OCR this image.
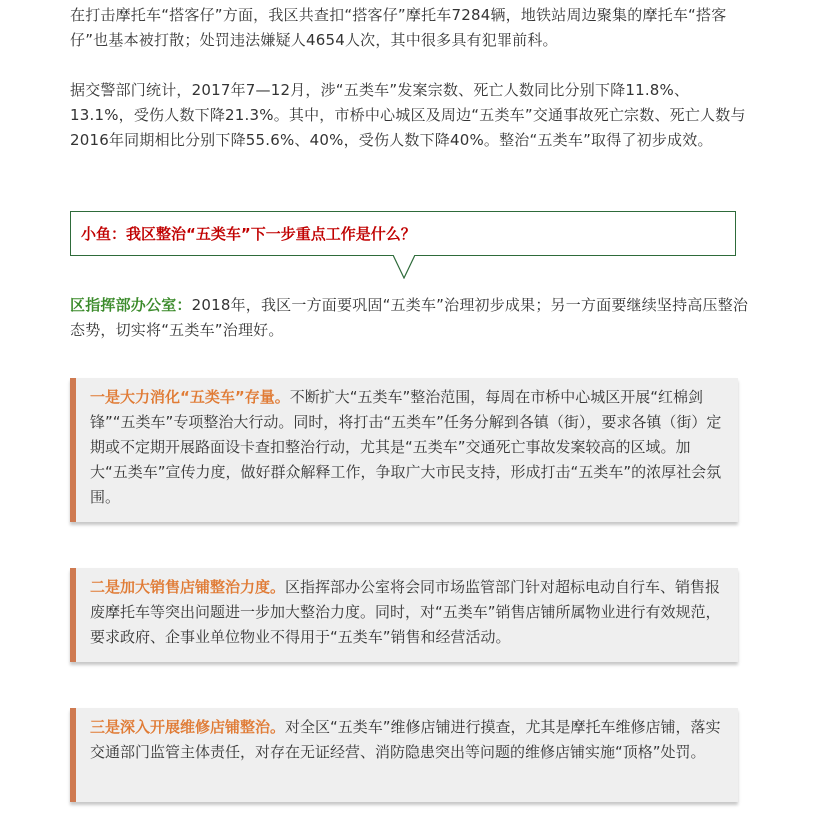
在打击摩托车“搭客仔”方面，我区共查扣“搭客仔”摩托车7284辆，地铁站周边聚集的摩托车“搭客仔”也基本被打散；处罚违法嫌疑人4654人次，其中很多具有犯罪前科。

据交警部门统计，2017年7—12月，涉“五类车”发案宗数、死亡人数同比分别下降11.8%、13.1%，受伤人数下降21.3%。其中，市桥中心城区及周边“五类车”交通事故死亡宗数、死亡人数与2016年同期相比分别下降55.6%、40%，受伤人数下降40%。整治“五类车”取得了初步成效。

小鱼：我区整治“五类车”下一步重点工作是什么？

区指挥部办公室：2018年，我区一方面要巩固“五类车”治理初步成果；另一方面要继续坚持高压整治态势，切实将“五类车”治理好。

一是大力消化“五类车”存量。不断扩大“五类车”整治范围，每周在市桥中心城区开展“红棉剑锋”“五类车”专项整治大行动。同时，将打击“五类车”任务分解到各镇（街），要求各镇（街）定期或不定期开展路面设卡查扣整治行动，尤其是“五类车”交通死亡事故发案较高的区域。加大“五类车”宣传力度，做好群众解释工作，争取广大市民支持，形成打击“五类车”的浓厚社会氛围。
二是加大销售店铺整治力度。区指挥部办公室将会同市场监管部门针对超标电动自行车、销售报废摩托车等突出问题进一步加大整治力度。同时，对“五类车”销售店铺所属物业进行有效规范，要求政府、企事业单位物业不得用于“五类车”销售和经营活动。
三是深入开展维修店铺整治。对全区“五类车”维修店铺进行摸查，尤其是摩托车维修店铺，落实交通部门监管主体责任，对存在无证经营、消防隐患突出等问题的维修店铺实施“顶格”处罚。
